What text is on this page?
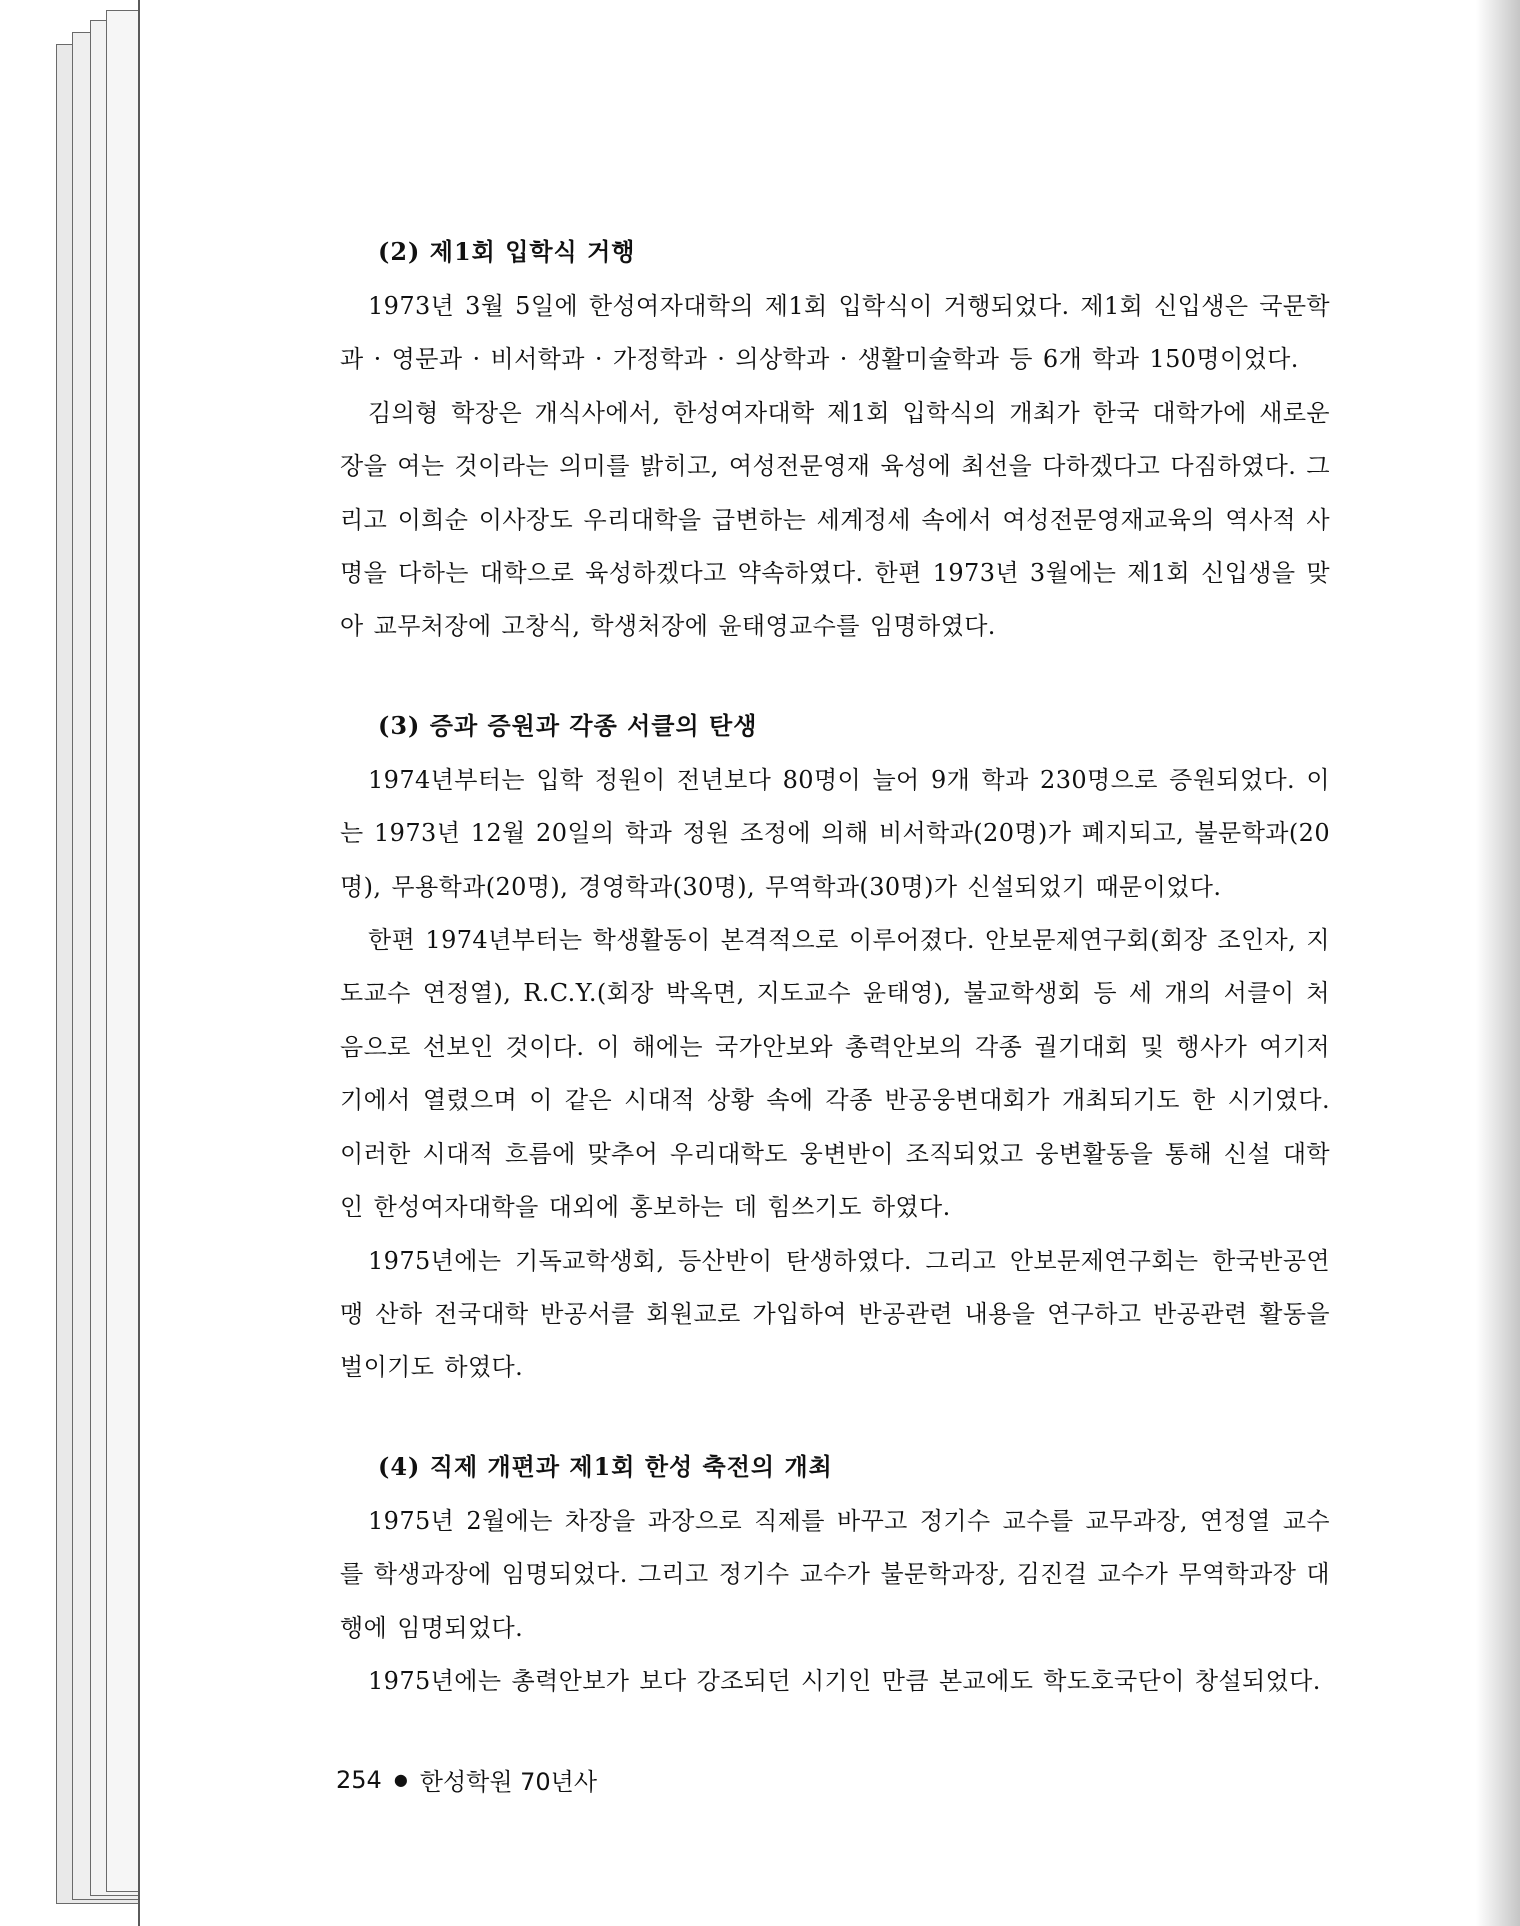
(2) 제1회 입학식 거행

1973년 3월 5일에 한성여자대학의 제1회 입학식이 거행되었다. 제1회 신입생은 국문학과 · 영문과 · 비서학과 · 가정학과 · 의상학과 · 생활미술학과 등 6개 학과 150명이었다.

김의형 학장은 개식사에서, 한성여자대학 제1회 입학식의 개최가 한국 대학가에 새로운 장을 여는 것이라는 의미를 밝히고, 여성전문영재 육성에 최선을 다하겠다고 다짐하였다. 그리고 이희순 이사장도 우리대학을 급변하는 세계정세 속에서 여성전문영재교육의 역사적 사명을 다하는 대학으로 육성하겠다고 약속하였다. 한편 1973년 3월에는 제1회 신입생을 맞아 교무처장에 고창식, 학생처장에 윤태영교수를 임명하였다.

(3) 증과 증원과 각종 서클의 탄생

1974년부터는 입학 정원이 전년보다 80명이 늘어 9개 학과 230명으로 증원되었다. 이는 1973년 12월 20일의 학과 정원 조정에 의해 비서학과(20명)가 폐지되고, 불문학과(20명), 무용학과(20명), 경영학과(30명), 무역학과(30명)가 신설되었기 때문이었다.

한편 1974년부터는 학생활동이 본격적으로 이루어졌다. 안보문제연구회(회장 조인자, 지도교수 연정열), R.C.Y.(회장 박옥면, 지도교수 윤태영), 불교학생회 등 세 개의 서클이 처음으로 선보인 것이다. 이 해에는 국가안보와 총력안보의 각종 궐기대회 및 행사가 여기저기에서 열렸으며 이 같은 시대적 상황 속에 각종 반공웅변대회가 개최되기도 한 시기였다. 이러한 시대적 흐름에 맞추어 우리대학도 웅변반이 조직되었고 웅변활동을 통해 신설 대학인 한성여자대학을 대외에 홍보하는 데 힘쓰기도 하였다.

1975년에는 기독교학생회, 등산반이 탄생하였다. 그리고 안보문제연구회는 한국반공연맹 산하 전국대학 반공서클 회원교로 가입하여 반공관련 내용을 연구하고 반공관련 활동을 벌이기도 하였다.

(4) 직제 개편과 제1회 한성 축전의 개최

1975년 2월에는 차장을 과장으로 직제를 바꾸고 정기수 교수를 교무과장, 연정열 교수를 학생과장에 임명되었다. 그리고 정기수 교수가 불문학과장, 김진걸 교수가 무역학과장 대행에 임명되었다.

1975년에는 총력안보가 보다 강조되던 시기인 만큼 본교에도 학도호국단이 창설되었다.

254 ● 한성학원 70년사
